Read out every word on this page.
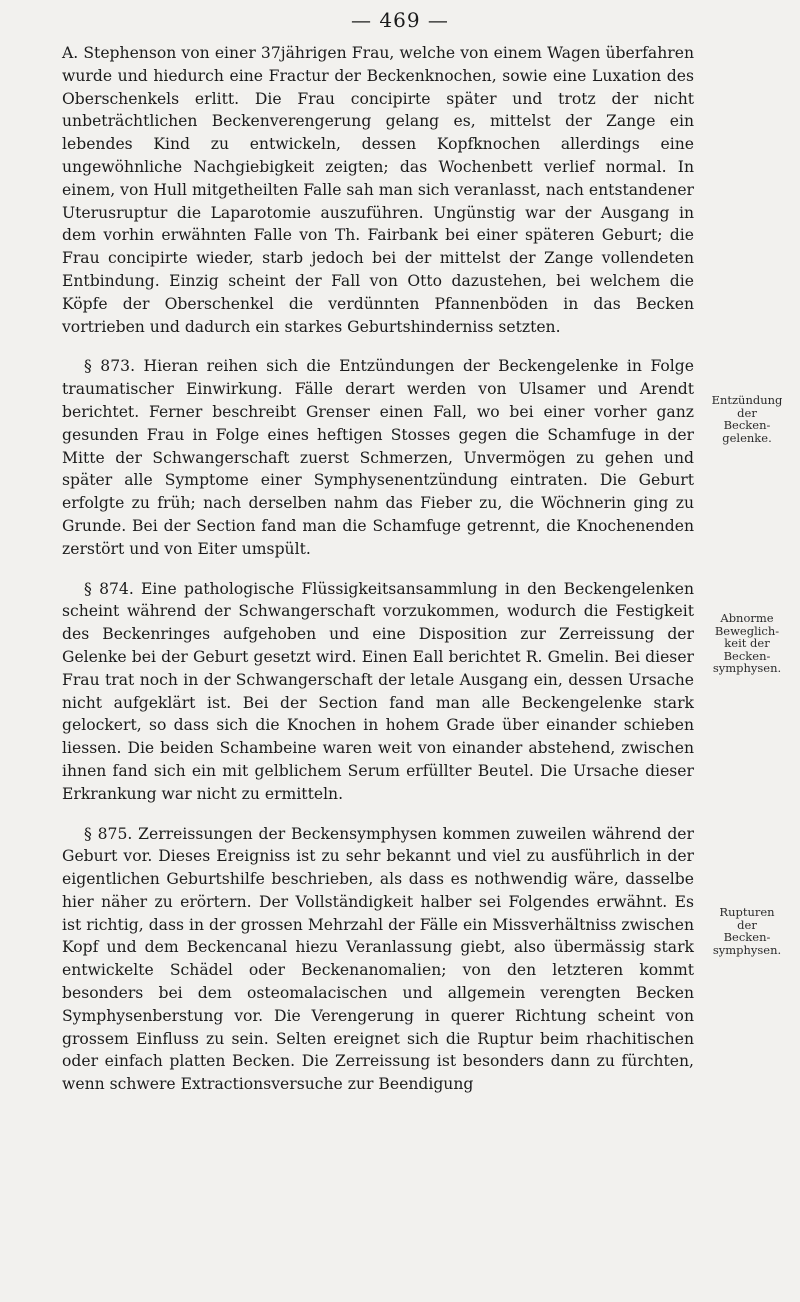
— 469 —

A. Stephenson von einer 37jährigen Frau, welche von einem Wagen überfahren wurde und hiedurch eine Fractur der Beckenknochen, sowie eine Luxation des Oberschenkels erlitt. Die Frau concipirte später und trotz der nicht unbeträchtlichen Beckenverengerung gelang es, mittelst der Zange ein lebendes Kind zu entwickeln, dessen Kopfknochen allerdings eine ungewöhnliche Nachgiebigkeit zeigten; das Wochenbett verlief normal. In einem, von Hull mitgetheilten Falle sah man sich veranlasst, nach entstandener Uterusruptur die Laparotomie auszuführen. Ungünstig war der Ausgang in dem vorhin erwähnten Falle von Th. Fairbank bei einer späteren Geburt; die Frau concipirte wieder, starb jedoch bei der mittelst der Zange vollendeten Entbindung. Einzig scheint der Fall von Otto dazustehen, bei welchem die Köpfe der Oberschenkel die verdünnten Pfannenböden in das Becken vortrieben und dadurch ein starkes Geburtshinderniss setzten.

§ 873. Hieran reihen sich die Entzündungen der Beckengelenke in Folge traumatischer Einwirkung. Fälle derart werden von Ulsamer und Arendt berichtet. Ferner beschreibt Grenser einen Fall, wo bei einer vorher ganz gesunden Frau in Folge eines heftigen Stosses gegen die Schamfuge in der Mitte der Schwangerschaft zuerst Schmerzen, Unvermögen zu gehen und später alle Symptome einer Symphysenentzündung eintraten. Die Geburt erfolgte zu früh; nach derselben nahm das Fieber zu, die Wöchnerin ging zu Grunde. Bei der Section fand man die Schamfuge getrennt, die Knochenenden zerstört und von Eiter umspült.

§ 874. Eine pathologische Flüssigkeitsansammlung in den Beckengelenken scheint während der Schwangerschaft vorzukommen, wodurch die Festigkeit des Beckenringes aufgehoben und eine Disposition zur Zerreissung der Gelenke bei der Geburt gesetzt wird. Einen Eall berichtet R. Gmelin. Bei dieser Frau trat noch in der Schwangerschaft der letale Ausgang ein, dessen Ursache nicht aufgeklärt ist. Bei der Section fand man alle Beckengelenke stark gelockert, so dass sich die Knochen in hohem Grade über einander schieben liessen. Die beiden Schambeine waren weit von einander abstehend, zwischen ihnen fand sich ein mit gelblichem Serum erfüllter Beutel. Die Ursache dieser Erkrankung war nicht zu ermitteln.

§ 875. Zerreissungen der Beckensymphysen kommen zuweilen während der Geburt vor. Dieses Ereigniss ist zu sehr bekannt und viel zu ausführlich in der eigentlichen Geburtshilfe beschrieben, als dass es nothwendig wäre, dasselbe hier näher zu erörtern. Der Vollständigkeit halber sei Folgendes erwähnt. Es ist richtig, dass in der grossen Mehrzahl der Fälle ein Missverhältniss zwischen Kopf und dem Beckencanal hiezu Veranlassung giebt, also übermässig stark entwickelte Schädel oder Beckenanomalien; von den letzteren kommt besonders bei dem osteomalacischen und allgemein verengten Becken Symphysenberstung vor. Die Verengerung in querer Richtung scheint von grossem Einfluss zu sein. Selten ereignet sich die Ruptur beim rhachitischen oder einfach platten Becken. Die Zerreissung ist besonders dann zu fürchten, wenn schwere Extractionsversuche zur Beendigung

Entzündung
der
Becken-
gelenke.
Abnorme
Beweglich-
keit der
Becken-
symphysen.
Rupturen
der
Becken-
symphysen.
